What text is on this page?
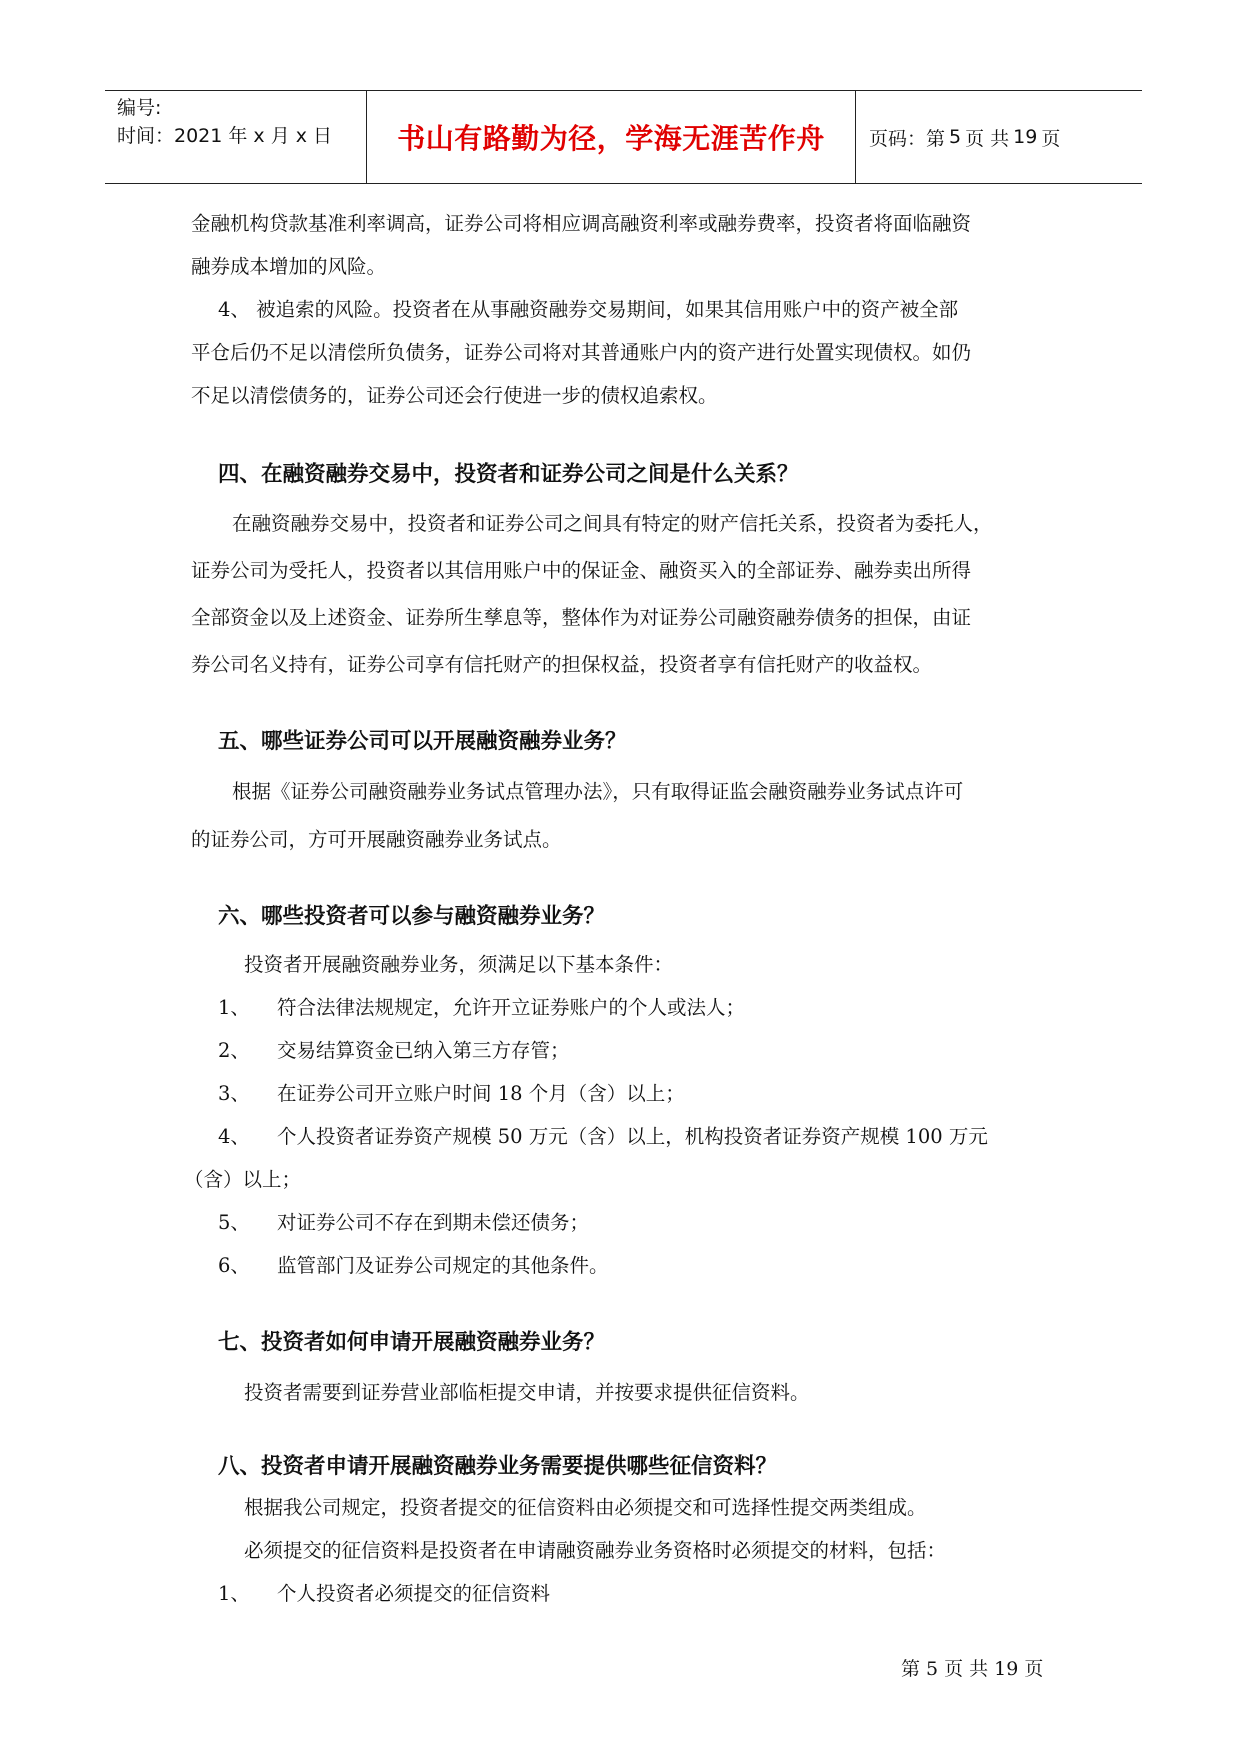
编号:
时间：2021 年 x 月 x 日	书山有路勤为径，学海无涯苦作舟	页码：第 5 页 共 19 页
金融机构贷款基准利率调高，证券公司将相应调高融资利率或融券费率，投资者将面临融资
融券成本增加的风险。
4、 被追索的风险。投资者在从事融资融券交易期间，如果其信用账户中的资产被全部
平仓后仍不足以清偿所负债务，证券公司将对其普通账户内的资产进行处置实现债权。如仍
不足以清偿债务的，证券公司还会行使进一步的债权追索权。
四、在融资融券交易中，投资者和证券公司之间是什么关系？
在融资融券交易中，投资者和证券公司之间具有特定的财产信托关系，投资者为委托人，
证券公司为受托人，投资者以其信用账户中的保证金、融资买入的全部证券、融券卖出所得
全部资金以及上述资金、证券所生孳息等，整体作为对证券公司融资融券债务的担保，由证
券公司名义持有，证券公司享有信托财产的担保权益，投资者享有信托财产的收益权。
五、哪些证券公司可以开展融资融券业务？
根据《证券公司融资融券业务试点管理办法》，只有取得证监会融资融券业务试点许可
的证券公司，方可开展融资融券业务试点。
六、哪些投资者可以参与融资融券业务？
投资者开展融资融券业务，须满足以下基本条件：
1、 符合法律法规规定，允许开立证券账户的个人或法人；
2、 交易结算资金已纳入第三方存管；
3、 在证券公司开立账户时间 18 个月（含）以上；
4、 个人投资者证券资产规模 50 万元（含）以上，机构投资者证券资产规模 100 万元
（含）以上；
5、 对证券公司不存在到期未偿还债务；
6、 监管部门及证券公司规定的其他条件。
七、投资者如何申请开展融资融券业务？
投资者需要到证券营业部临柜提交申请，并按要求提供征信资料。
八、投资者申请开展融资融券业务需要提供哪些征信资料？
根据我公司规定，投资者提交的征信资料由必须提交和可选择性提交两类组成。
必须提交的征信资料是投资者在申请融资融券业务资格时必须提交的材料，包括：
1、 个人投资者必须提交的征信资料
第 5 页 共 19 页
